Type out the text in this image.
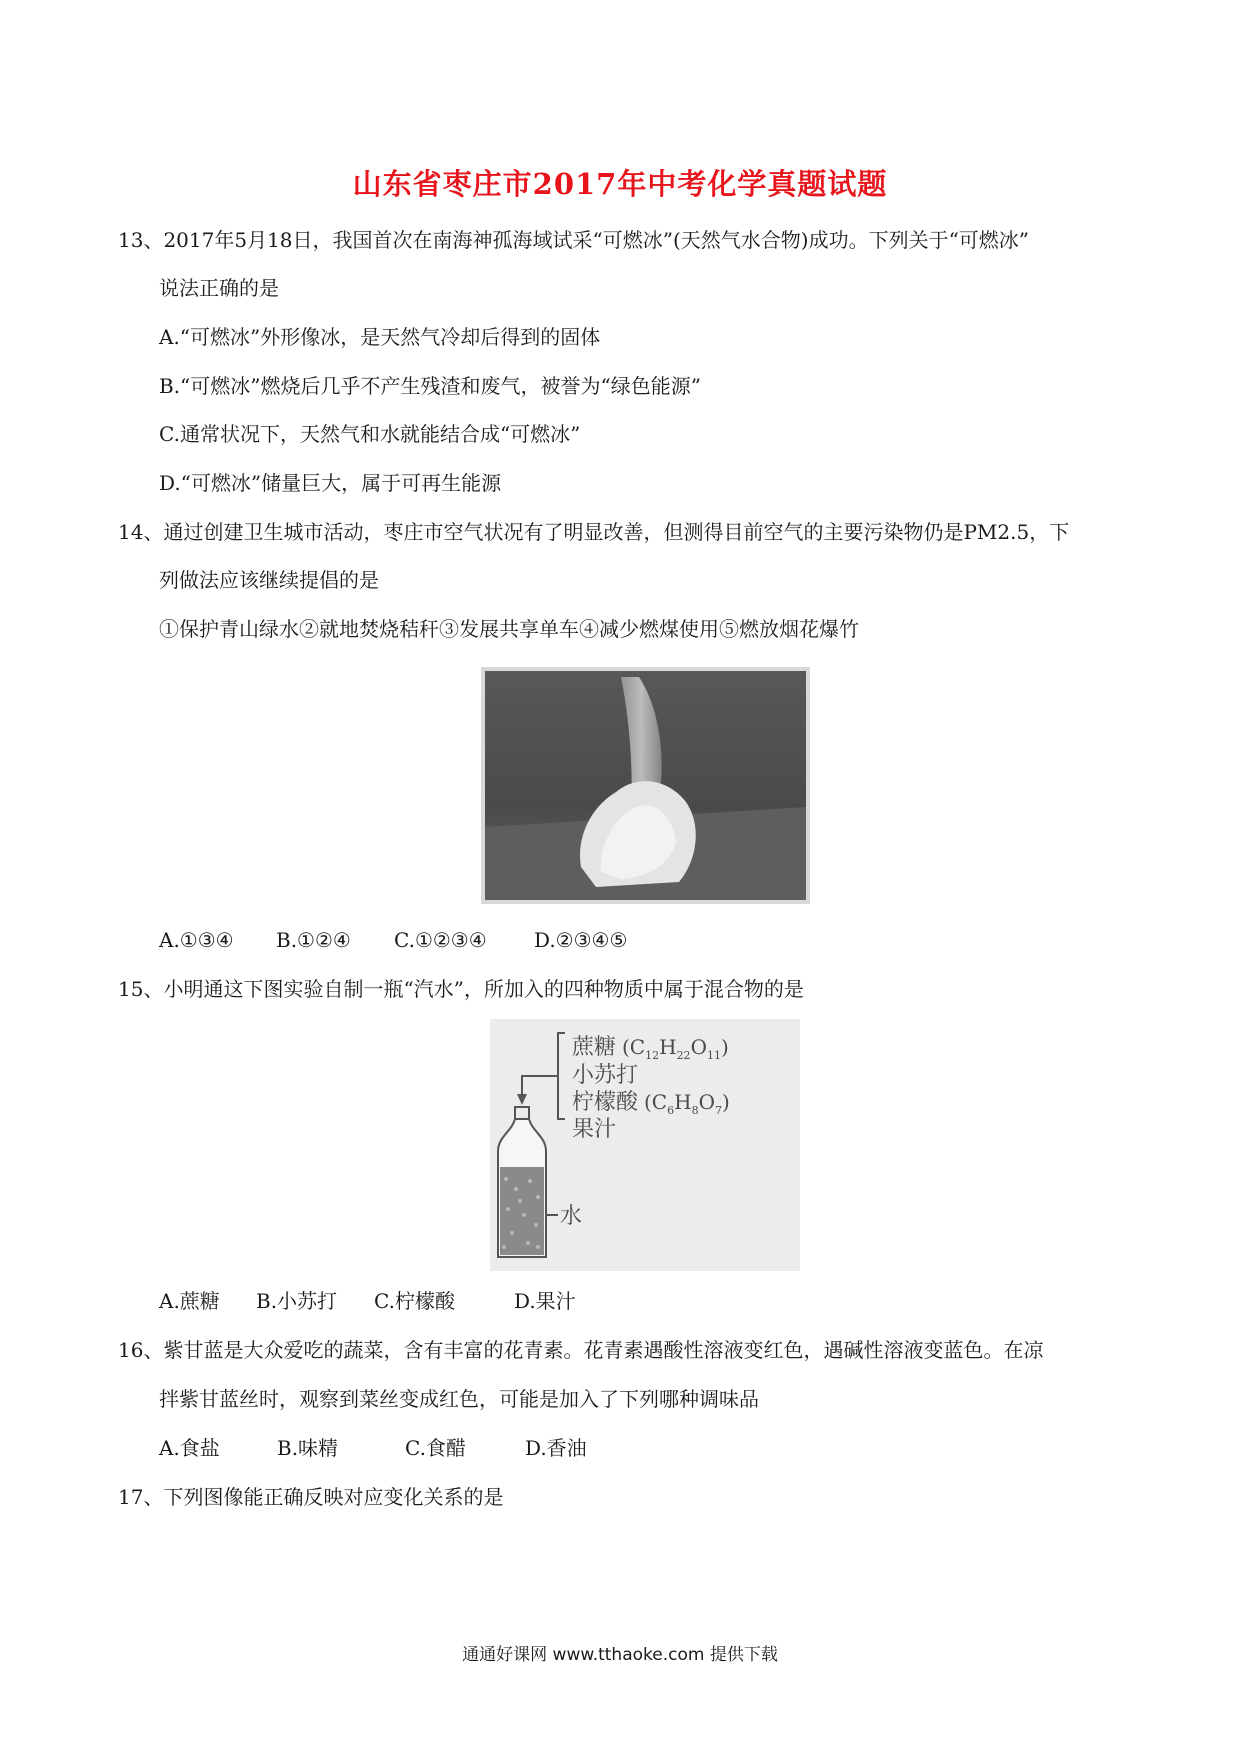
山东省枣庄市2017年中考化学真题试题
13、2017年5月18日，我国首次在南海神孤海域试采“可燃冰”(天然气水合物)成功。下列关于“可燃冰”
说法正确的是
A.“可燃冰”外形像冰，是天然气冷却后得到的固体
B.“可燃冰”燃烧后几乎不产生残渣和废气，被誉为“绿色能源”
C.通常状况下，天然气和水就能结合成“可燃冰”
D.“可燃冰”储量巨大，属于可再生能源
14、通过创建卫生城市活动，枣庄市空气状况有了明显改善，但测得目前空气的主要污染物仍是PM2.5，下
列做法应该继续提倡的是
①保护青山绿水②就地焚烧秸秆③发展共享单车④减少燃煤使用⑤燃放烟花爆竹
A.①③④ B.①②④ C.①②③④ D.②③④⑤
15、小明通这下图实验自制一瓶“汽水”，所加入的四种物质中属于混合物的是
蔗糖 $(C_{12}H_{22}O_{11})$
小苏打
柠檬酸 $(C_6H_8O_7)$
果汁
水
A.蔗糖 B.小苏打 C.柠檬酸	D.果汁
16、紫甘蓝是大众爱吃的蔬菜，含有丰富的花青素。花青素遇酸性溶液变红色，遇碱性溶液变蓝色。在凉
拌紫甘蓝丝时，观察到菜丝变成红色，可能是加入了下列哪种调味品
A.食盐	B.味精	C.食醋	D.香油
17、下列图像能正确反映对应变化关系的是
通通好课网 www.tthaoke.com 提供下载
